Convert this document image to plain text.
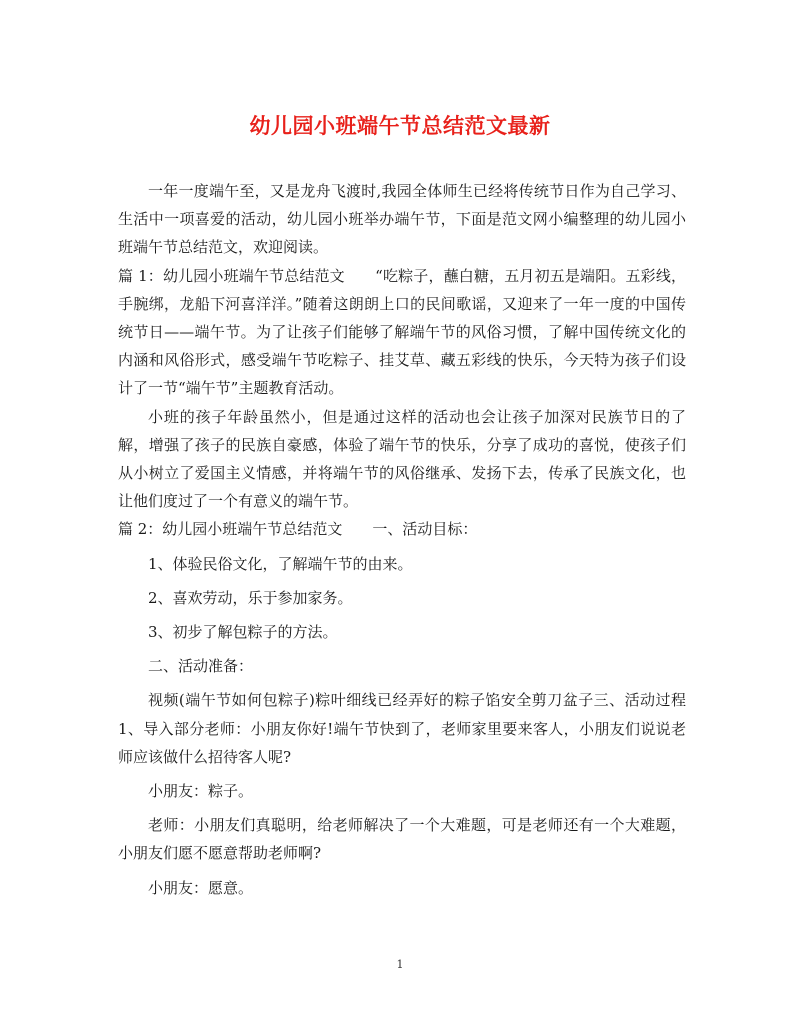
幼儿园小班端午节总结范文最新

一年一度端午至，又是龙舟飞渡时,我园全体师生已经将传统节日作为自己学习、生活中一项喜爱的活动，幼儿园小班举办端午节，下面是范文网小编整理的幼儿园小班端午节总结范文，欢迎阅读。

篇 1：幼儿园小班端午节总结范文　　“吃粽子，蘸白糖，五月初五是端阳。五彩线，手腕绑，龙船下河喜洋洋。”随着这朗朗上口的民间歌谣，又迎来了一年一度的中国传统节日——端午节。为了让孩子们能够了解端午节的风俗习惯，了解中国传统文化的内涵和风俗形式，感受端午节吃粽子、挂艾草、藏五彩线的快乐，今天特为孩子们设计了一节“端午节”主题教育活动。

小班的孩子年龄虽然小，但是通过这样的活动也会让孩子加深对民族节日的了解，增强了孩子的民族自豪感，体验了端午节的快乐，分享了成功的喜悦，使孩子们从小树立了爱国主义情感，并将端午节的风俗继承、发扬下去，传承了民族文化，也让他们度过了一个有意义的端午节。

篇 2：幼儿园小班端午节总结范文　　一、活动目标：

1、体验民俗文化，了解端午节的由来。

2、喜欢劳动，乐于参加家务。

3、初步了解包粽子的方法。

二、活动准备：

视频(端午节如何包粽子)粽叶细线已经弄好的粽子馅安全剪刀盆子三、活动过程 1、导入部分老师：小朋友你好!端午节快到了，老师家里要来客人，小朋友们说说老师应该做什么招待客人呢?

小朋友：粽子。

老师：小朋友们真聪明，给老师解决了一个大难题，可是老师还有一个大难题，小朋友们愿不愿意帮助老师啊?

小朋友：愿意。

1
